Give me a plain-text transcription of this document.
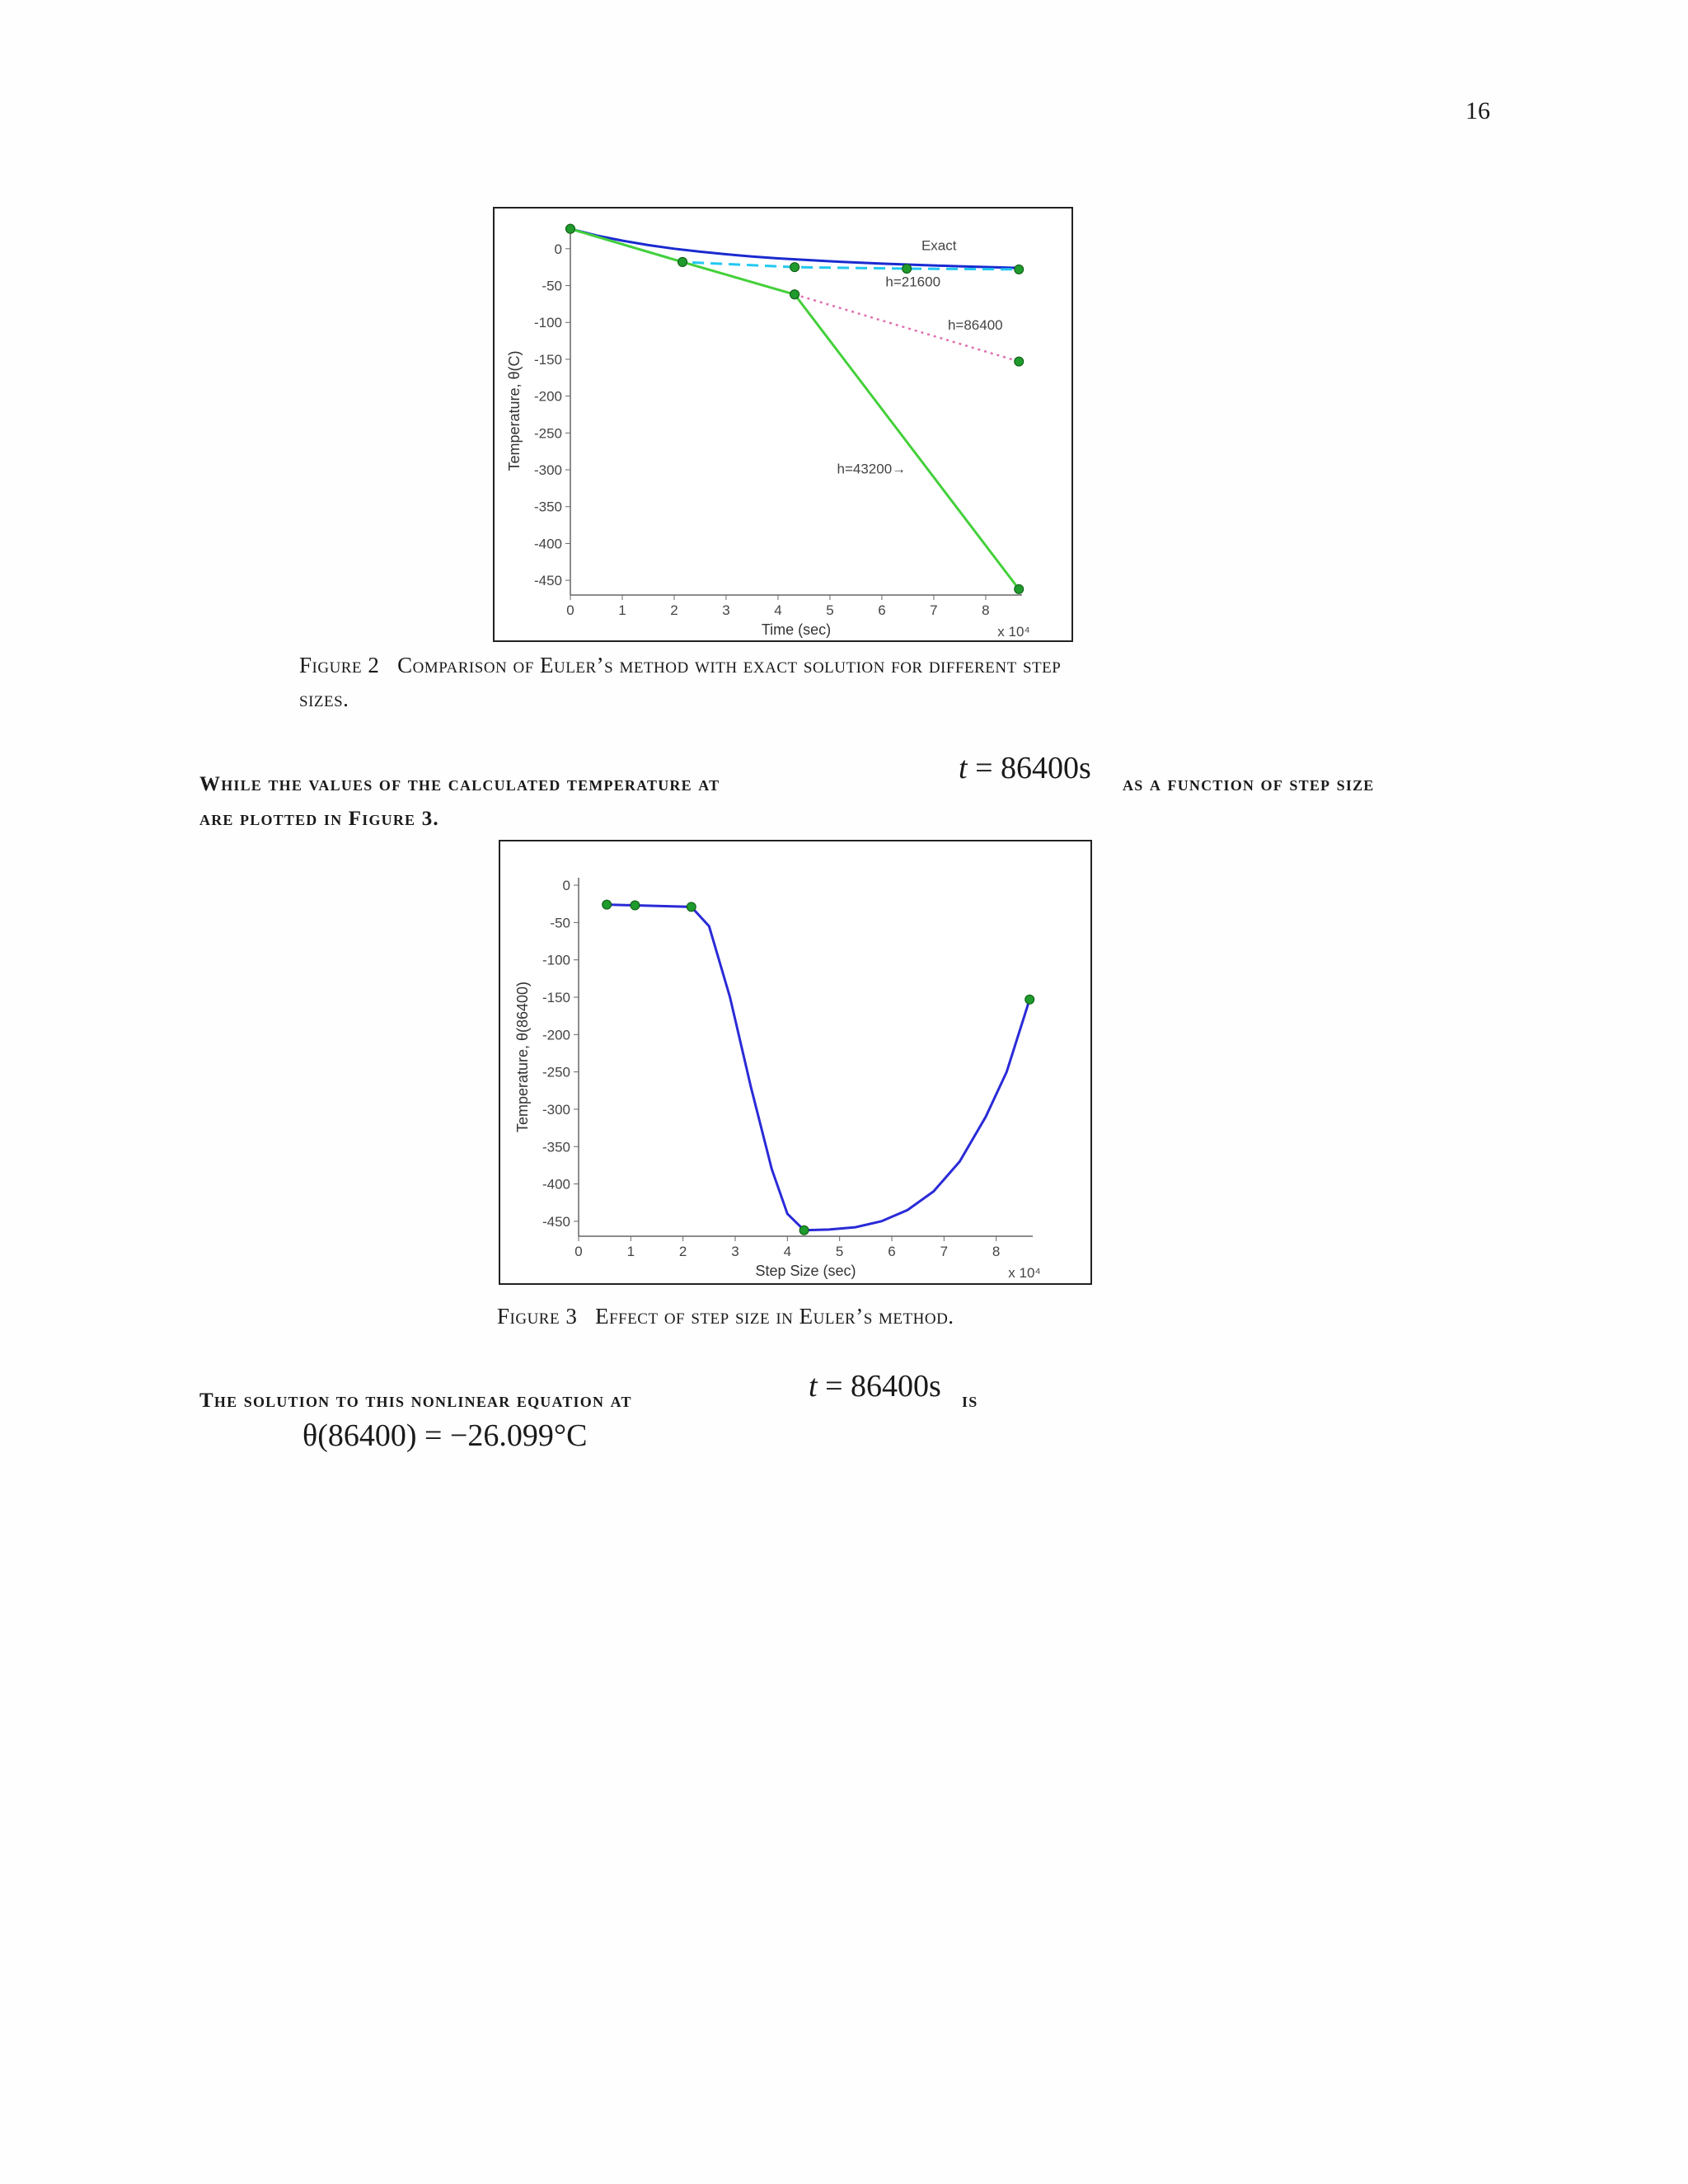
16
0
-50
-100
-150
-200
-250
-300
-350
-400
-450
0	1	2	3	4	5	6	7	8
Time (sec)	x 10⁴
Temperature, θ(C)
Exact
h=21600
h=86400
h=43200→
Figure 2 Comparison of Euler’s method with exact solution for different step
sizes.
While the values of the calculated temperature at	t = 86400s as a function of step size
are plotted in Figure 3.
0
-50
-100
-150
-200
-250
-300
-350
-400
-450
0	1	2	3	4	5	6	7	8
Step Size (sec)	x 10⁴
Temperature, θ(86400)
Figure 3 Effect of step size in Euler’s method.
The solution to this nonlinear equation at	t = 86400s is
θ(86400) = −26.099°C
